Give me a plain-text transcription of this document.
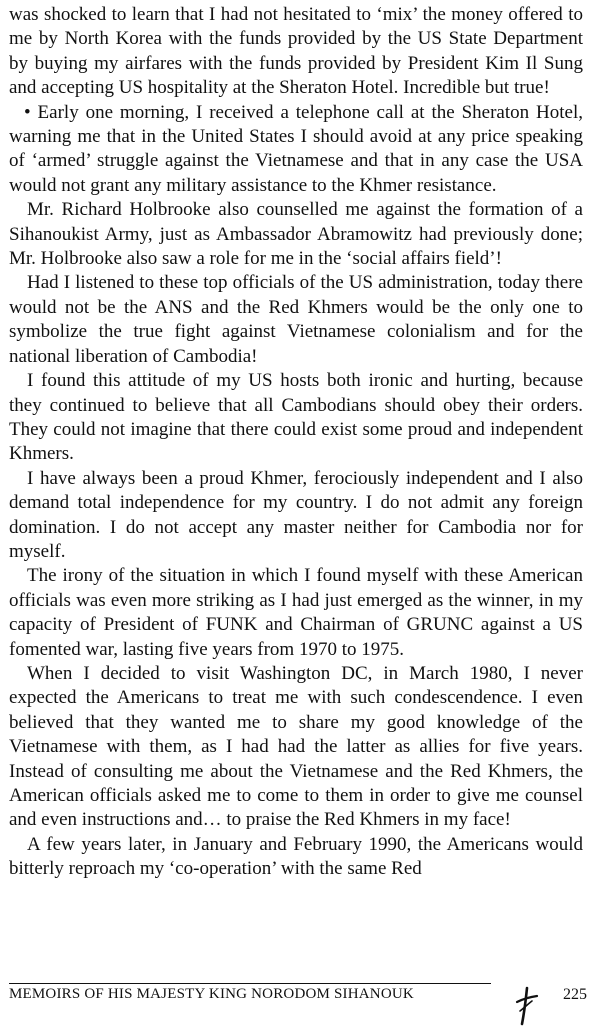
was shocked to learn that I had not hesitated to ‘mix’ the money offered to me by North Korea with the funds provided by the US State Department by buying my airfares with the funds provided by President Kim Il Sung and accepting US hospitality at the Sheraton Hotel. Incredible but true!

• Early one morning, I received a telephone call at the Sheraton Hotel, warning me that in the United States I should avoid at any price speaking of ‘armed’ struggle against the Vietnamese and that in any case the USA would not grant any military assistance to the Khmer resistance.

Mr. Richard Holbrooke also counselled me against the formation of a Sihanoukist Army, just as Ambassador Abramowitz had previously done; Mr. Holbrooke also saw a role for me in the ‘social affairs field’!

Had I listened to these top officials of the US administration, today there would not be the ANS and the Red Khmers would be the only one to symbolize the true fight against Vietnamese colonialism and for the national liberation of Cambodia!

I found this attitude of my US hosts both ironic and hurting, because they continued to believe that all Cambodians should obey their orders. They could not imagine that there could exist some proud and independent Khmers.

I have always been a proud Khmer, ferociously independent and I also demand total independence for my country. I do not admit any foreign domination. I do not accept any master neither for Cambodia nor for myself.

The irony of the situation in which I found myself with these American officials was even more striking as I had just emerged as the winner, in my capacity of President of FUNK and Chairman of GRUNC against a US fomented war, lasting five years from 1970 to 1975.

When I decided to visit Washington DC, in March 1980, I never expected the Americans to treat me with such condescendence. I even believed that they wanted me to share my good knowledge of the Vietnamese with them, as I had had the latter as allies for five years. Instead of consulting me about the Vietnamese and the Red Khmers, the American officials asked me to come to them in order to give me counsel and even instructions and… to praise the Red Khmers in my face!

A few years later, in January and February 1990, the Americans would bitterly reproach my ‘co-operation’ with the same Red

MEMOIRS OF HIS MAJESTY KING NORODOM SIHANOUK	225
